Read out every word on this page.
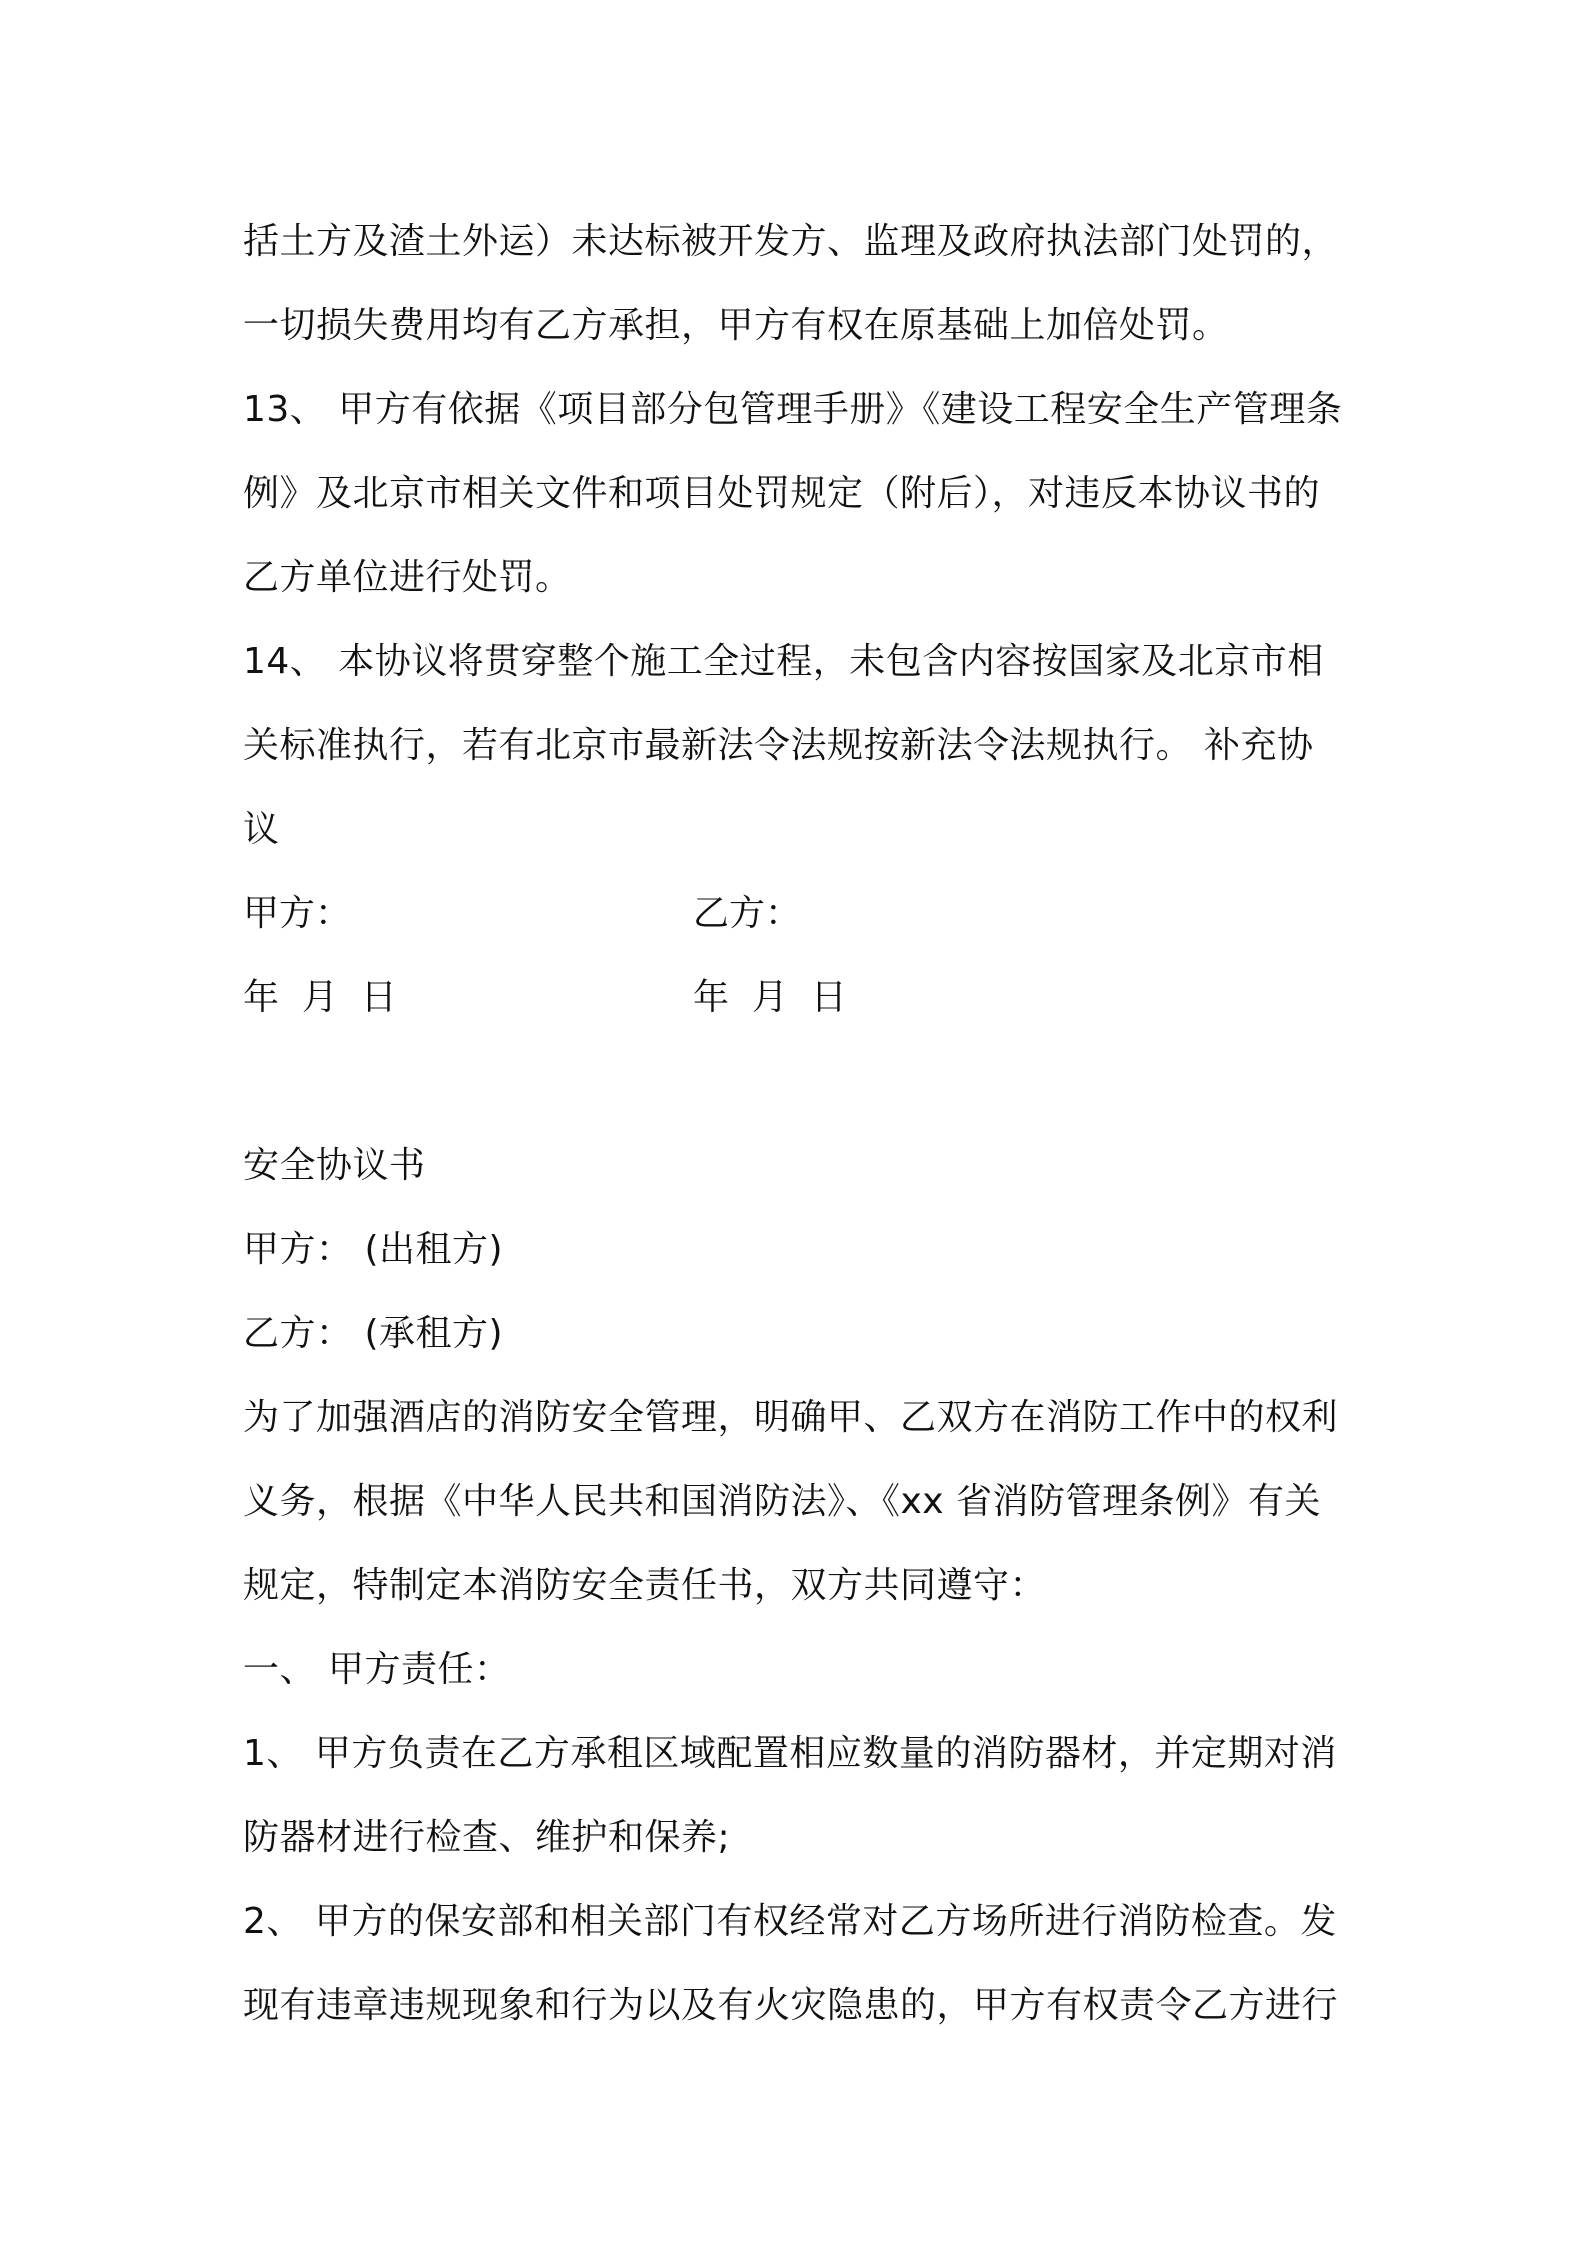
括土方及渣土外运）未达标被开发方、监理及政府执法部门处罚的，
一切损失费用均有乙方承担，甲方有权在原基础上加倍处罚。
13、 甲方有依据《项目部分包管理手册》《建设工程安全生产管理条
例》及北京市相关文件和项目处罚规定（附后），对违反本协议书的
乙方单位进行处罚。
14、 本协议将贯穿整个施工全过程，未包含内容按国家及北京市相
关标准执行，若有北京市最新法令法规按新法令法规执行。 补充协
议
甲方：	乙方：
年  月  日	年  月  日
安全协议书
甲方： (出租方)
乙方： (承租方)
为了加强酒店的消防安全管理，明确甲、乙双方在消防工作中的权利
义务，根据《中华人民共和国消防法》、《xx 省消防管理条例》有关
规定，特制定本消防安全责任书，双方共同遵守：
一、 甲方责任：
1、 甲方负责在乙方承租区域配置相应数量的消防器材，并定期对消
防器材进行检查、维护和保养;
2、 甲方的保安部和相关部门有权经常对乙方场所进行消防检查。发
现有违章违规现象和行为以及有火灾隐患的，甲方有权责令乙方进行
